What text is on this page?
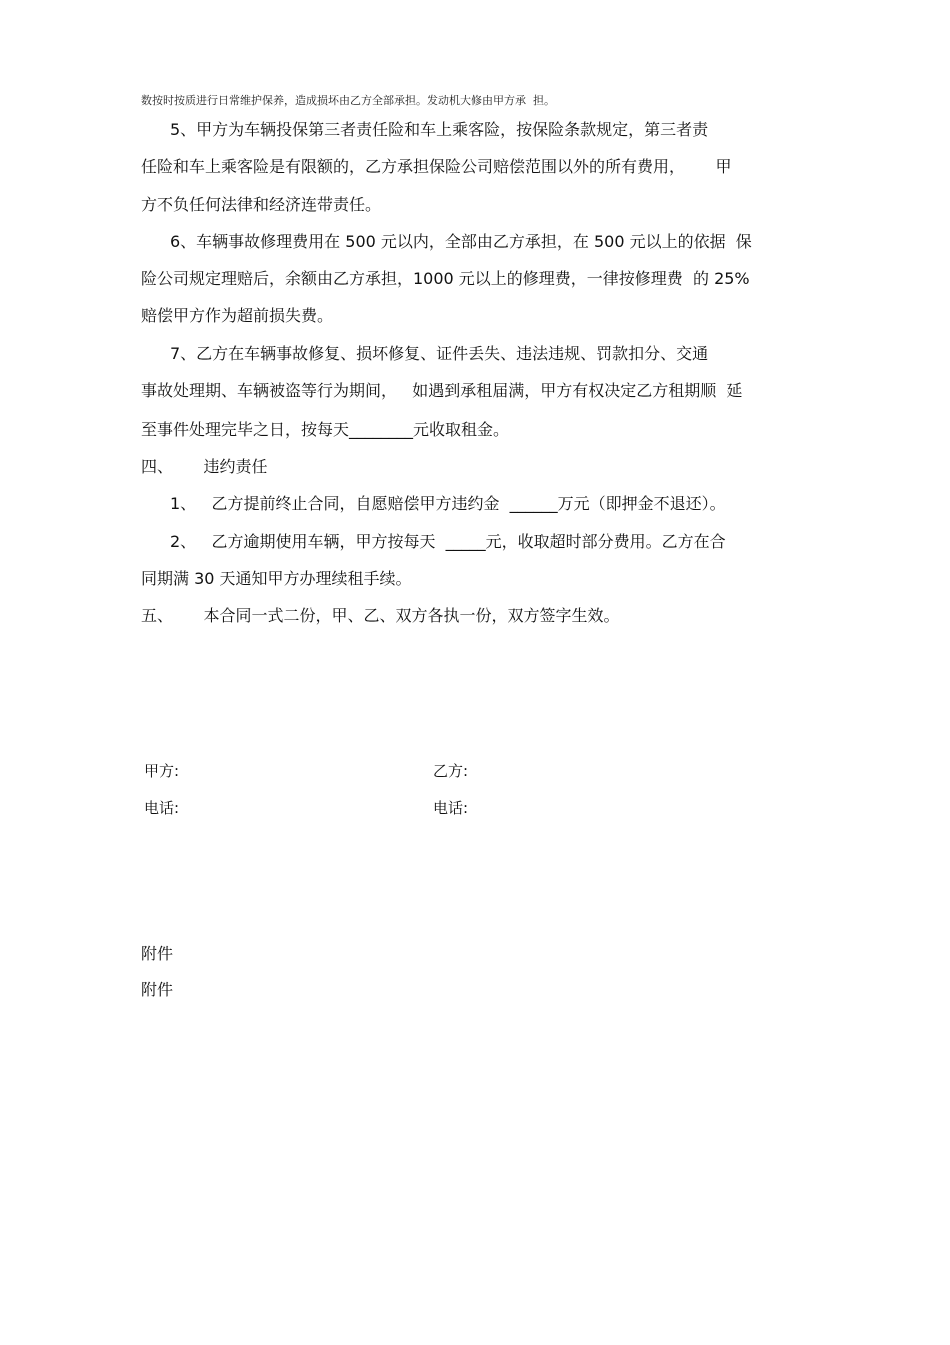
数按时按质进行日常维护保养，造成损坏由乙方全部承担。发动机大修由甲方承  担。
5、甲方为车辆投保第三者责任险和车上乘客险，按保险条款规定，第三者责
任险和车上乘客险是有限额的，乙方承担保险公司赔偿范围以外的所有费用，      甲
方不负任何法律和经济连带责任。
6、车辆事故修理费用在 500 元以内，全部由乙方承担，在 500 元以上的依据  保
险公司规定理赔后，余额由乙方承担，1000 元以上的修理费，一律按修理费  的 25%
赔偿甲方作为超前损失费。
7、乙方在车辆事故修复、损坏修复、证件丢失、违法违规、罚款扣分、交通
事故处理期、车辆被盗等行为期间，   如遇到承租届满，甲方有权决定乙方租期顺  延
至事件处理完毕之日，按每天________元收取租金。
四、      违约责任
1、   乙方提前终止合同，自愿赔偿甲方违约金  ______万元（即押金不退还）。
2、   乙方逾期使用车辆，甲方按每天  _____元，收取超时部分费用。乙方在合
同期满 30 天通知甲方办理续租手续。
五、      本合同一式二份，甲、乙、双方各执一份，双方签字生效。
甲方:	乙方:
电话:	电话:
附件
附件
